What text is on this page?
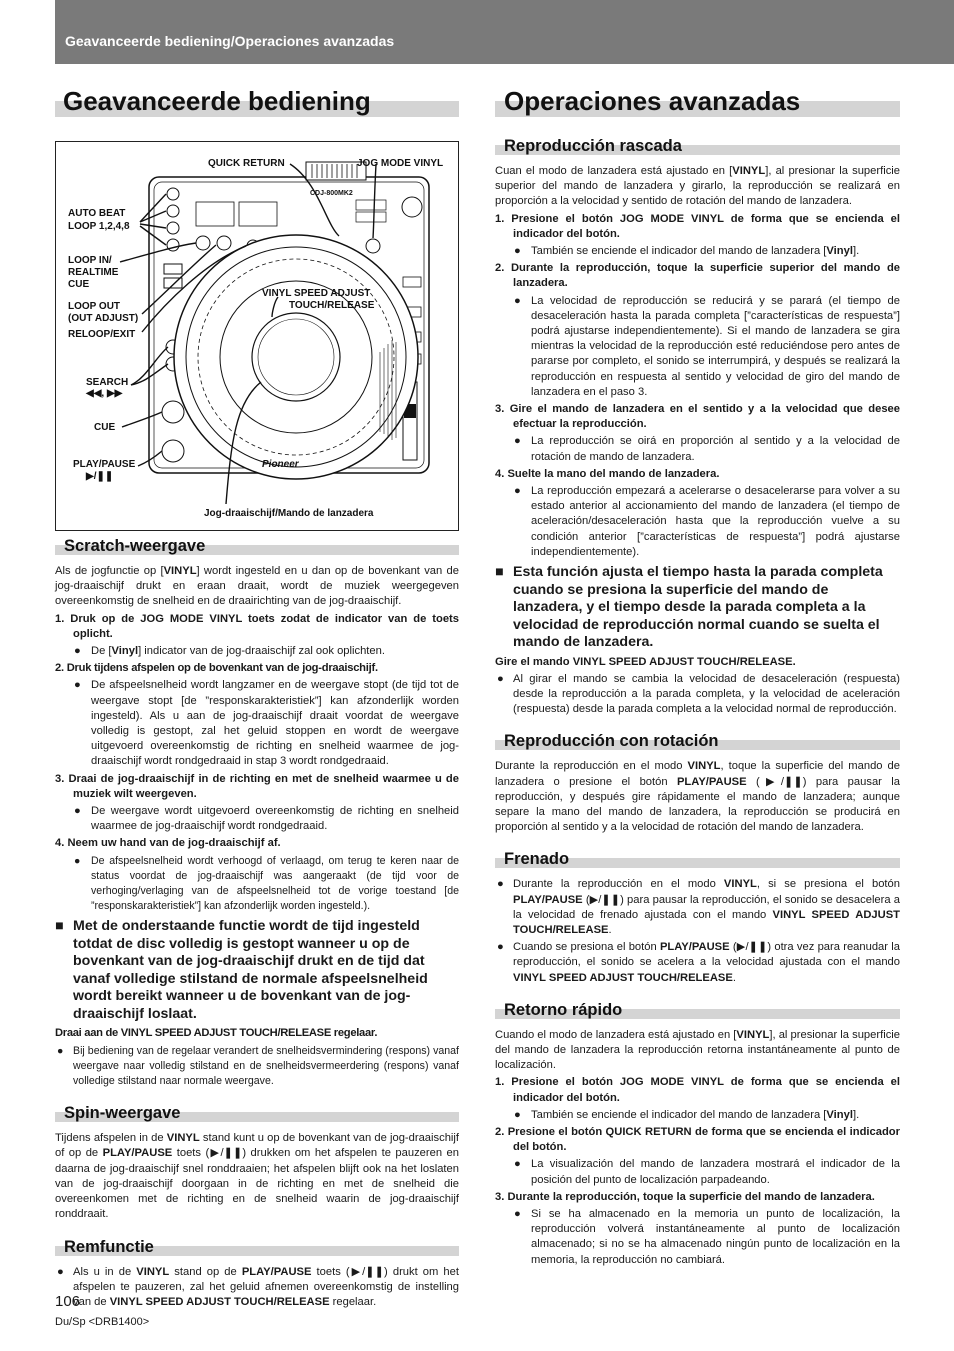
Geavanceerde bediening/Operaciones avanzadas
Geavanceerde bediening	Operaciones avanzadas
QUICK RETURN	JOG MODE VINYL
AUTO BEAT
LOOP 1,2,4,8
LOOP IN/
REALTIME
CUE
LOOP OUT
(OUT ADJUST)
RELOOP/EXIT
VINYL SPEED ADJUST
TOUCH/RELEASE
SEARCH
◀◀, ▶▶
CUE
PLAY/PAUSE
▶/❚❚
Jog-draaischijf/Mando de lanzadera
CDJ-800MK2
Pioneer
Scratch-weergave

Als de jogfunctie op [VINYL] wordt ingesteld en u dan op de bovenkant van de jog-draaischijf drukt en eraan draait, wordt de muziek weergegeven overeenkomstig de snelheid en de draairichting van de jog-draaischijf.

1. Druk op de JOG MODE VINYL toets zodat de indicator van de toets oplicht.
● De [Vinyl] indicator van de jog-draaischijf zal ook oplichten.
2. Druk tijdens afspelen op de bovenkant van de jog-draaischijf.
● De afspeelsnelheid wordt langzamer en de weergave stopt (de tijd tot de weergave stopt [de ”responskarakteristiek”] kan afzonderlijk worden ingesteld). Als u aan de jog-draaischijf draait voordat de weergave volledig is gestopt, zal het geluid stoppen en wordt de weergave uitgevoerd overeenkomstig de richting en snelheid waarmee de jog-draaischijf wordt rondgedraaid in stap 3 wordt rondgedraaid.
3. Draai de jog-draaischijf in de richting en met de snelheid waarmee u de muziek wilt weergeven.
● De weergave wordt uitgevoerd overeenkomstig de richting en snelheid waarmee de jog-draaischijf wordt rondgedraaid.
4. Neem uw hand van de jog-draaischijf af.
● De afspeelsnelheid wordt verhoogd of verlaagd, om terug te keren naar de status voordat de jog-draaischijf was aangeraakt (de tijd voor de verhoging/verlaging van de afspeelsnelheid tot de vorige toestand [de ”responskarakteristiek”] kan afzonderlijk worden ingesteld.).
■ Met de onderstaande functie wordt de tijd ingesteld totdat de disc volledig is gestopt wanneer u op de bovenkant van de jog-draaischijf drukt en de tijd dat vanaf volledige stilstand de normale afspeelsnelheid wordt bereikt wanneer u de bovenkant van de jog-draaischijf loslaat.
Draai aan de VINYL SPEED ADJUST TOUCH/RELEASE regelaar.
● Bij bediening van de regelaar verandert de snelheidsvermindering (respons) vanaf weergave naar volledig stilstand en de snelheidsvermeerdering (respons) vanaf volledige stilstand naar normale weergave.
Spin-weergave

Tijdens afspelen in de VINYL stand kunt u op de bovenkant van de jog-draaischijf of op de PLAY/PAUSE toets (▶/❚❚) drukken om het afspelen te pauzeren en daarna de jog-draaischijf snel ronddraaien; het afspelen blijft ook na het loslaten van de jog-draaischijf doorgaan in de richting en met de snelheid die overeenkomen met de richting en de snelheid waarin de jog-draaischijf ronddraait.

Remfunctie
● Als u in de VINYL stand op de PLAY/PAUSE toets (▶/❚❚) drukt om het afspelen te pauzeren, zal het geluid afnemen overeenkomstig de instelling van de VINYL SPEED ADJUST TOUCH/RELEASE regelaar.
Reproducción rascada

Cuan el modo de lanzadera está ajustado en [VINYL], al presionar la superficie superior del mando de lanzadera y girarlo, la reproducción se realizará en proporción a la velocidad y sentido de rotación del mando de lanzadera.

1. Presione el botón JOG MODE VINYL de forma que se encienda el indicador del botón.
● También se enciende el indicador del mando de lanzadera [Vinyl].
2. Durante la reproducción, toque la superficie superior del mando de lanzadera.
● La velocidad de reproducción se reducirá y se parará (el tiempo de desaceleración hasta la parada completa [”características de respuesta”] podrá ajustarse independientemente). Si el mando de lanzadera se gira mientras la velocidad de la reproducción esté reduciéndose pero antes de pararse por completo, el sonido se interrumpirá, y después se realizará la reproducción en respuesta al sentido y velocidad de giro del mando de lanzadera en el paso 3.
3. Gire el mando de lanzadera en el sentido y a la velocidad que desee efectuar la reproducción.
● La reproducción se oirá en proporción al sentido y a la velocidad de rotación de mando de lanzadera.
4. Suelte la mano del mando de lanzadera.
● La reproducción empezará a acelerarse o desacelerarse para volver a su estado anterior al accionamiento del mando de lanzadera (el tiempo de aceleración/desaceleración hasta que la reproducción vuelve a su condición anterior [”características de respuesta”] podrá ajustarse independientemente).
■ Esta función ajusta el tiempo hasta la parada completa cuando se presiona la superficie del mando de lanzadera, y el tiempo desde la parada completa a la velocidad de reproducción normal cuando se suelta el mando de lanzadera.
Gire el mando VINYL SPEED ADJUST TOUCH/RELEASE.
● Al girar el mando se cambia la velocidad de desaceleración (respuesta) desde la reproducción a la parada completa, y la velocidad de aceleración (respuesta) desde la parada completa a la velocidad normal de reproducción.
Reproducción con rotación

Durante la reproducción en el modo VINYL, toque la superficie del mando de lanzadera o presione el botón PLAY/PAUSE (▶/❚❚) para pausar la reproducción, y después gire rápidamente el mando de lanzadera; aunque separe la mano del mando de lanzadera, la reproducción se producirá en proporción al sentido y a la velocidad de rotación del mando de lanzadera.

Frenado
● Durante la reproducción en el modo VINYL, si se presiona el botón PLAY/PAUSE (▶/❚❚) para pausar la reproducción, el sonido se desacelera a la velocidad de frenado ajustada con el mando VINYL SPEED ADJUST TOUCH/RELEASE.
● Cuando se presiona el botón PLAY/PAUSE (▶/❚❚) otra vez para reanudar la reproducción, el sonido se acelera a la velocidad ajustada con el mando VINYL SPEED ADJUST TOUCH/RELEASE.
Retorno rápido

Cuando el modo de lanzadera está ajustado en [VINYL], al presionar la superficie del mando de lanzadera la reproducción retorna instantáneamente al punto de localización.

1. Presione el botón JOG MODE VINYL de forma que se encienda el indicador del botón.
● También se enciende el indicador del mando de lanzadera [Vinyl].
2. Presione el botón QUICK RETURN de forma que se encienda el indicador del botón.
● La visualización del mando de lanzadera mostrará el indicador de la posición del punto de localización parpadeando.
3. Durante la reproducción, toque la superficie del mando de lanzadera.
● Si se ha almacenado en la memoria un punto de localización, la reproducción volverá instantáneamente al punto de localización almacenado; si no se ha almacenado ningún punto de localización en la memoria, la reproducción no cambiará.
106
Du/Sp <DRB1400>
